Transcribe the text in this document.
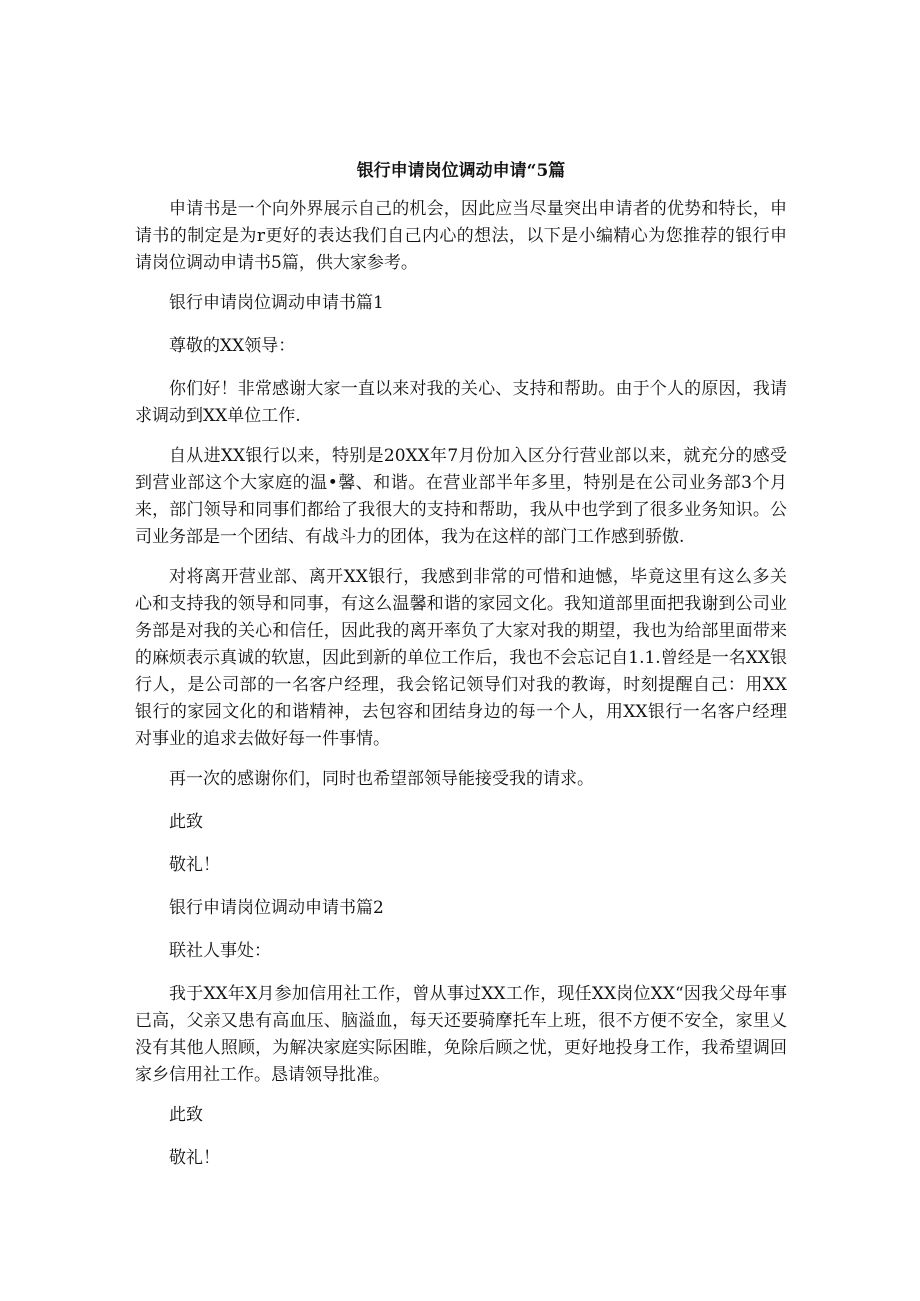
银行申请岗位调动申请“5篇

申请书是一个向外界展示自己的机会，因此应当尽量突出申请者的优势和特长，申请书的制定是为r更好的表达我们自己内心的想法，以下是小编精心为您推荐的银行申请岗位调动申请书5篇，供大家参考。

银行申请岗位调动申请书篇1

尊敬的XX领导：

你们好！非常感谢大家一直以来对我的关心、支持和帮助。由于个人的原因，我请求调动到XX单位工作.

自从进XX银行以来，特别是20XX年7月份加入区分行营业部以来，就充分的感受到营业部这个大家庭的温•馨、和谐。在营业部半年多里，特别是在公司业务部3个月来，部门领导和同事们都给了我很大的支持和帮助，我从中也学到了很多业务知识。公司业务部是一个团结、有战斗力的团体，我为在这样的部门工作感到骄傲.

对将离开营业部、离开XX银行，我感到非常的可惜和迪憾，毕竟这里有这么多关心和支持我的领导和同事，有这么温馨和谐的家园文化。我知道部里面把我谢到公司业务部是对我的关心和信任，因此我的离开率负了大家对我的期望，我也为给部里面带来的麻烦表示真诚的软崽，因此到新的单位工作后，我也不会忘记自1.1.曾经是一名XX银行人，是公司部的一名客户经理，我会铭记领导们对我的教诲，时刻提醒自己：用XX银行的家园文化的和谐精神，去包容和团结身边的每一个人，用XX银行一名客户经理对事业的追求去做好每一件事情。

再一次的感谢你们，同时也希望部领导能接受我的请求。

此致

敬礼！

银行申请岗位调动申请书篇2

联社人事处：

我于XX年X月参加信用社工作，曾从事过XX工作，现任XX岗位XX“因我父母年事已高，父亲又患有高血压、脑溢血，每天还要骑摩托车上班，很不方便不安全，家里乂没有其他人照顾，为解决家庭实际困睢，免除后顾之忧，更好地投身工作，我希望调回家乡信用社工作。恳请领导批准。

此致

敬礼！
